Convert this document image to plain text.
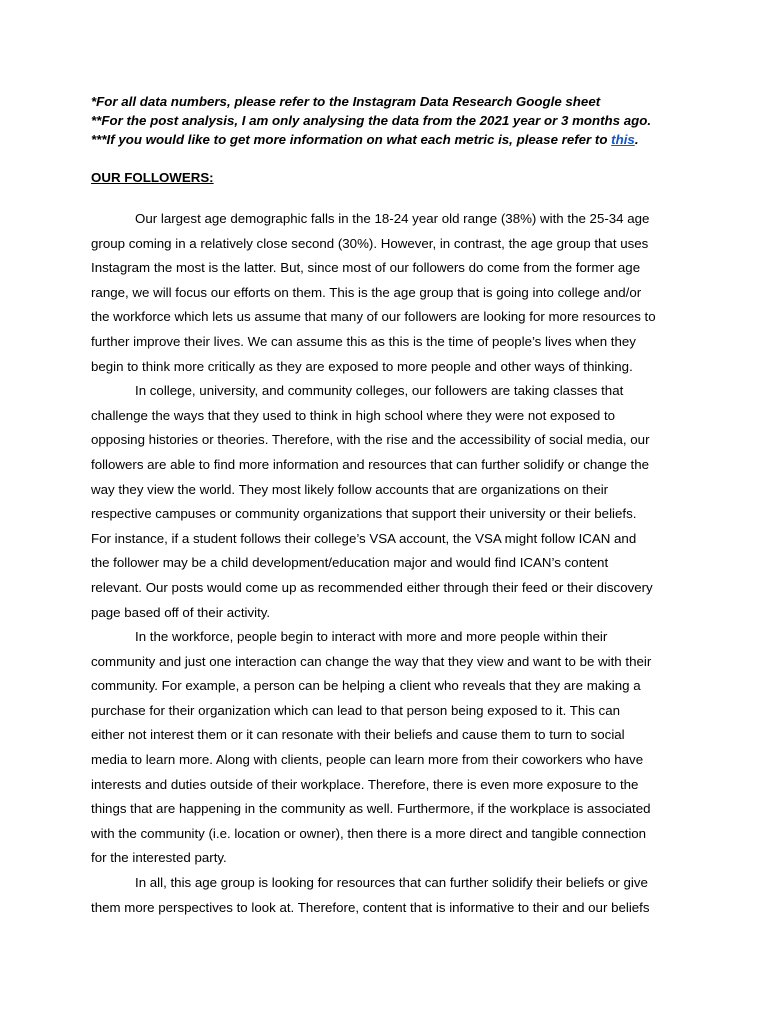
*For all data numbers, please refer to the Instagram Data Research Google sheet
**For the post analysis, I am only analysing the data from the 2021 year or 3 months ago.
***If you would like to get more information on what each metric is, please refer to this.
OUR FOLLOWERS:

Our largest age demographic falls in the 18-24 year old range (38%) with the 25-34 age
group coming in a relatively close second (30%). However, in contrast, the age group that uses
Instagram the most is the latter. But, since most of our followers do come from the former age
range, we will focus our efforts on them. This is the age group that is going into college and/or
the workforce which lets us assume that many of our followers are looking for more resources to
further improve their lives. We can assume this as this is the time of people’s lives when they
begin to think more critically as they are exposed to more people and other ways of thinking.

In college, university, and community colleges, our followers are taking classes that
challenge the ways that they used to think in high school where they were not exposed to
opposing histories or theories. Therefore, with the rise and the accessibility of social media, our
followers are able to find more information and resources that can further solidify or change the
way they view the world. They most likely follow accounts that are organizations on their
respective campuses or community organizations that support their university or their beliefs.
For instance, if a student follows their college’s VSA account, the VSA might follow ICAN and
the follower may be a child development/education major and would find ICAN’s content
relevant. Our posts would come up as recommended either through their feed or their discovery
page based off of their activity.

In the workforce, people begin to interact with more and more people within their
community and just one interaction can change the way that they view and want to be with their
community. For example, a person can be helping a client who reveals that they are making a
purchase for their organization which can lead to that person being exposed to it. This can
either not interest them or it can resonate with their beliefs and cause them to turn to social
media to learn more. Along with clients, people can learn more from their coworkers who have
interests and duties outside of their workplace. Therefore, there is even more exposure to the
things that are happening in the community as well. Furthermore, if the workplace is associated
with the community (i.e. location or owner), then there is a more direct and tangible connection
for the interested party.

In all, this age group is looking for resources that can further solidify their beliefs or give
them more perspectives to look at. Therefore, content that is informative to their and our beliefs
